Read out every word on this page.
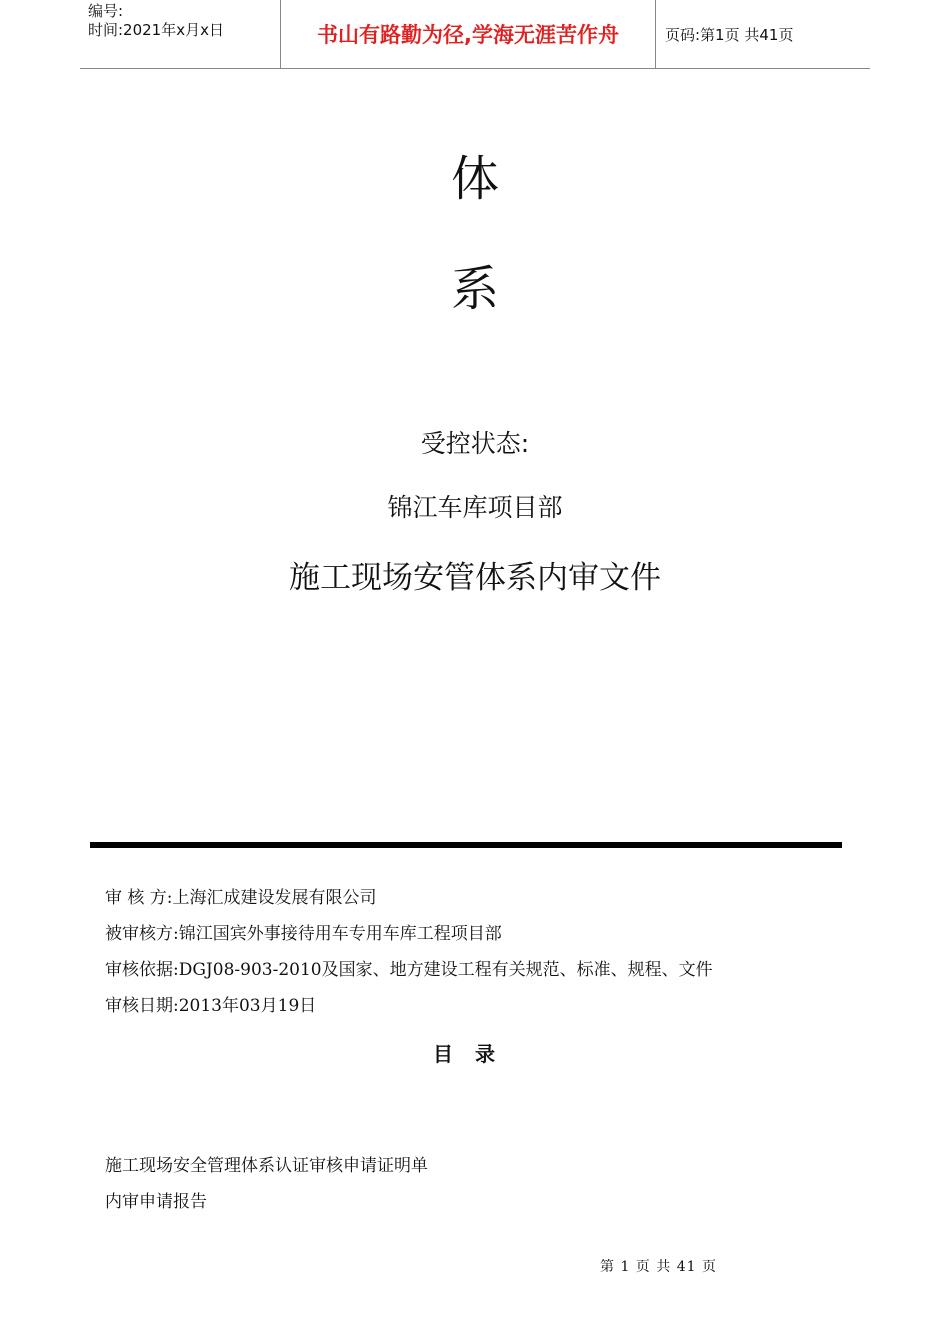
编号:
时间:2021年x月x日	书山有路勤为径,学海无涯苦作舟	页码:第1页 共41页
体
系
受控状态:
锦江车库项目部
施工现场安管体系内审文件
审 核 方:上海汇成建设发展有限公司
被审核方:锦江国宾外事接待用车专用车库工程项目部
审核依据:DGJ08-903-2010及国家、地方建设工程有关规范、标准、规程、文件
审核日期:2013年03月19日
目录
施工现场安全管理体系认证审核申请证明单
内审申请报告
第 1 页 共 41 页
